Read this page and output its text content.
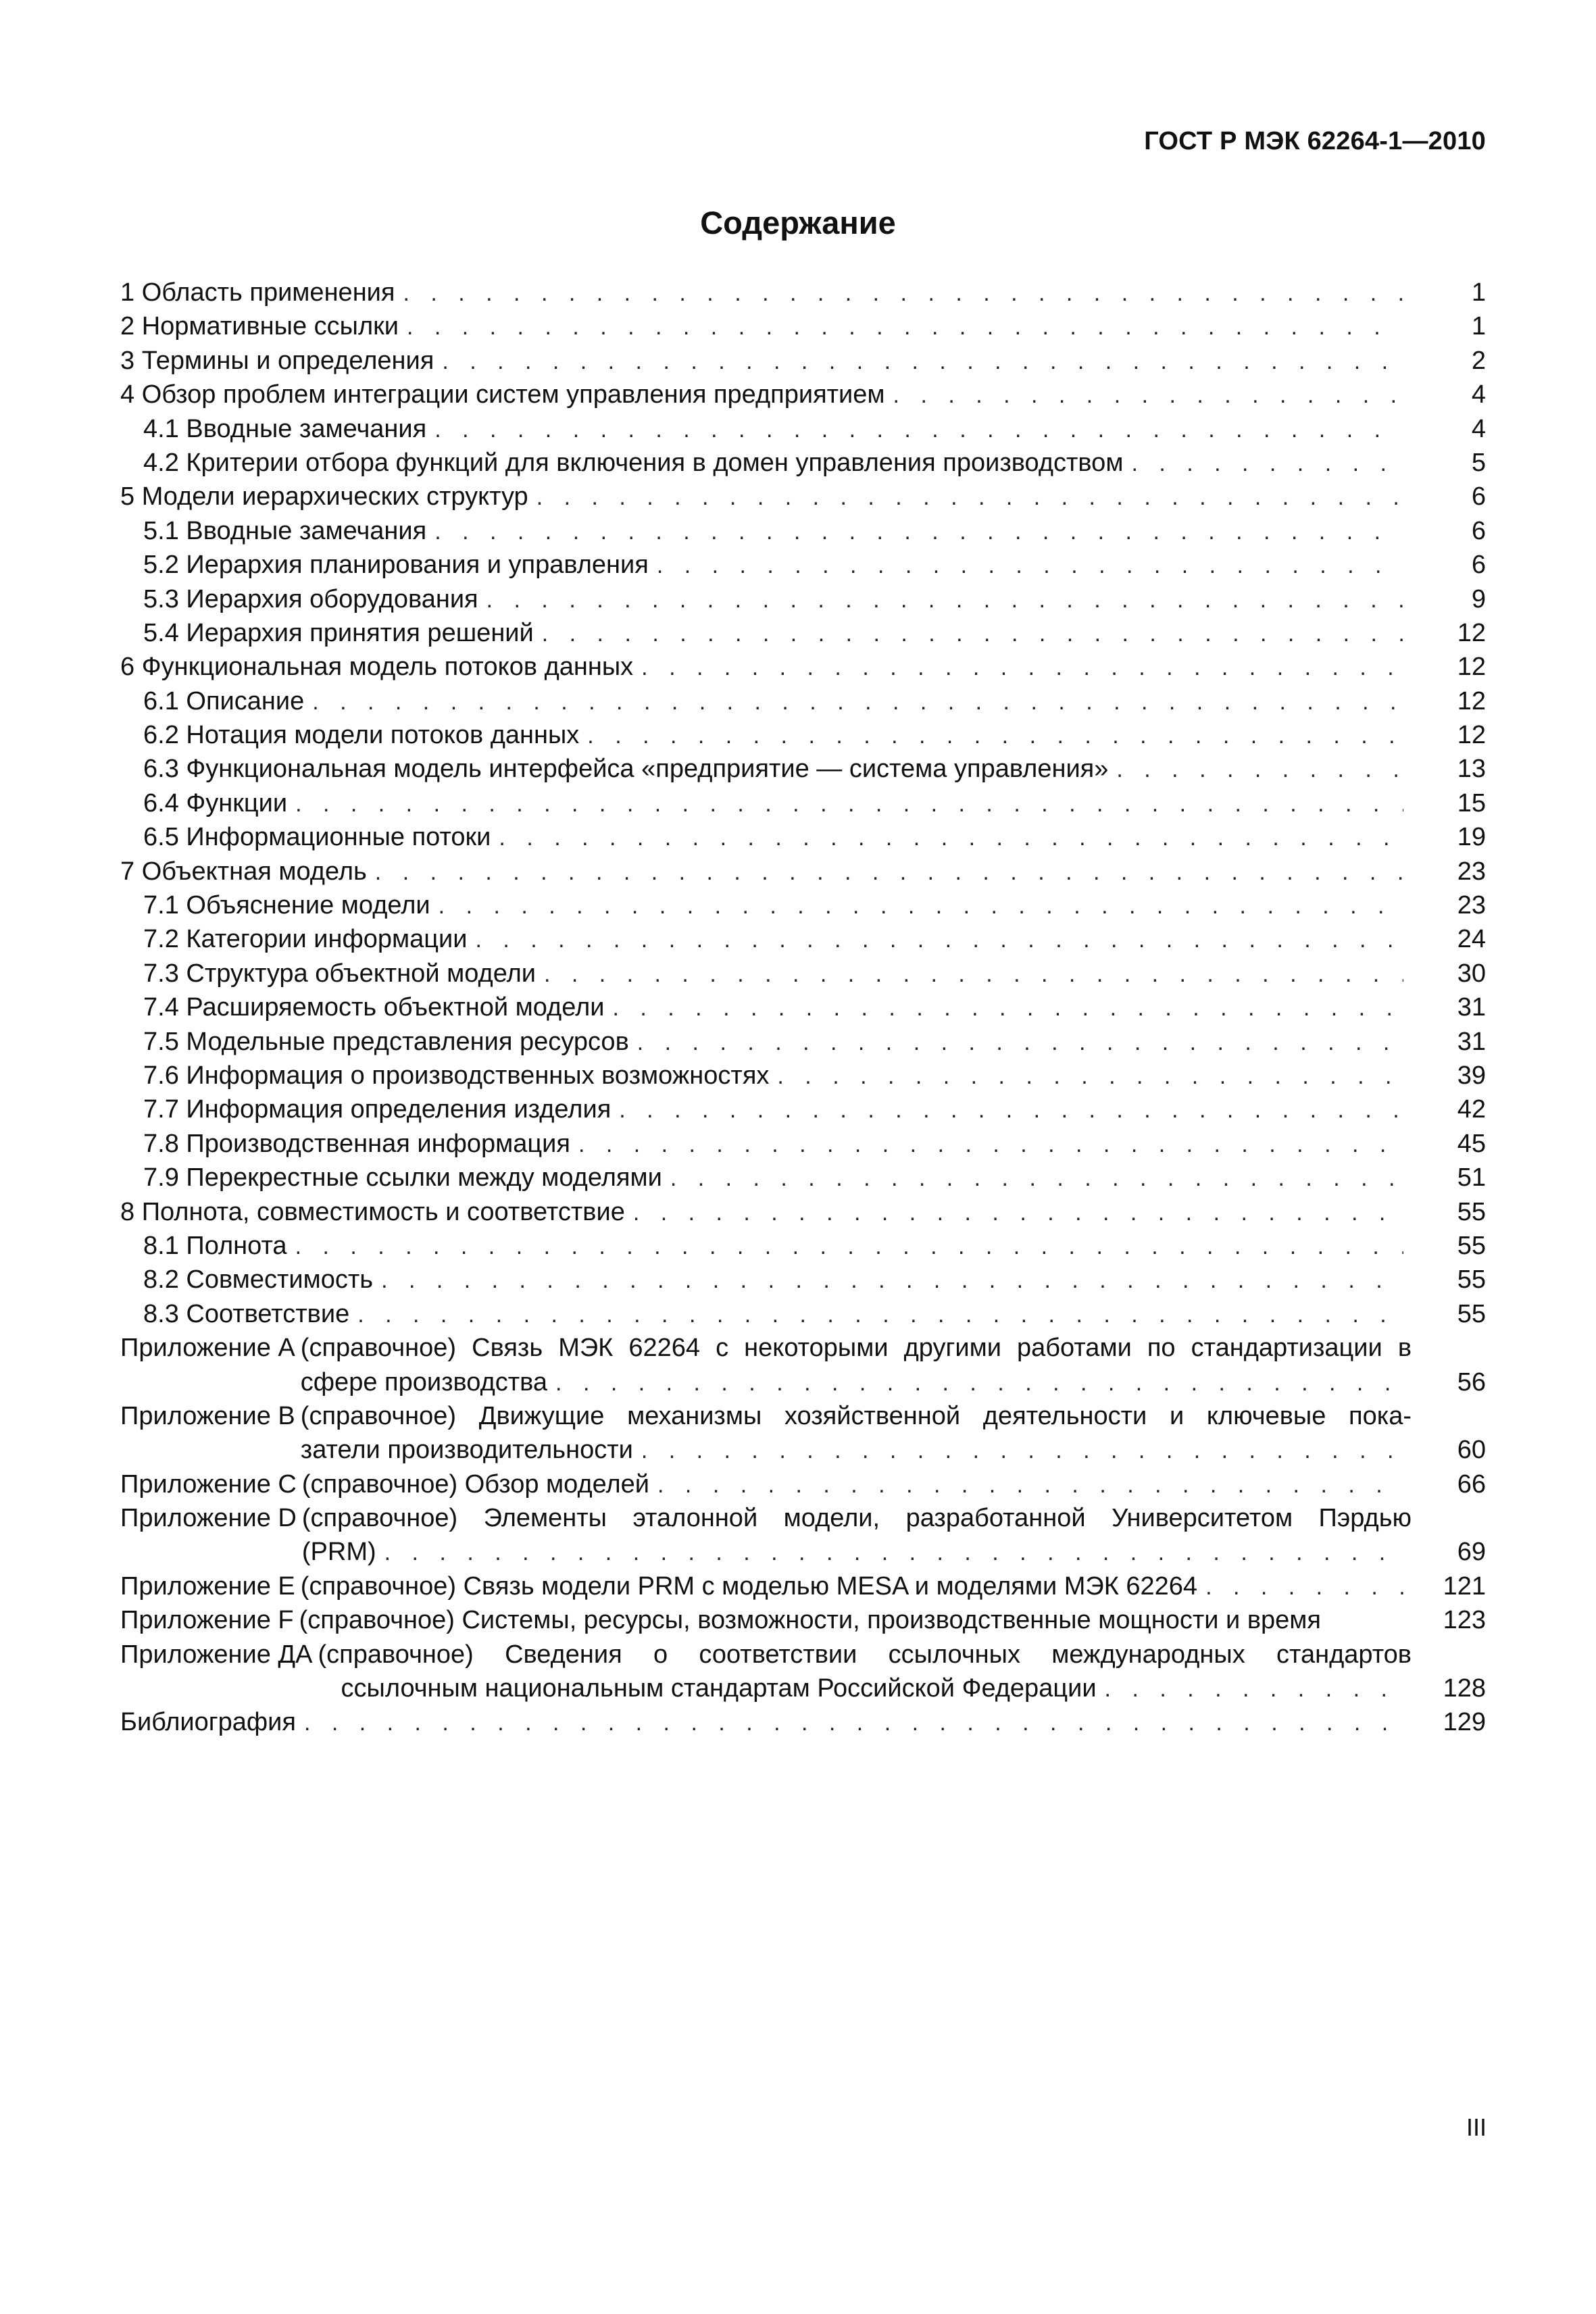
ГОСТ Р МЭК 62264-1—2010
Содержание
1 Область применения . . .	1
2 Нормативные ссылки . . .	1
3 Термины и определения . . .	2
4 Обзор проблем интеграции систем управления предприятием . . .	4
4.1 Вводные замечания . . .	4
4.2 Критерии отбора функций для включения в домен управления производством . . .	5
5 Модели иерархических структур . . .	6
5.1 Вводные замечания . . .	6
5.2 Иерархия планирования и управления . . .	6
5.3 Иерархия оборудования . . .	9
5.4 Иерархия принятия решений . . .	12
6 Функциональная модель потоков данных . . .	12
6.1 Описание . . .	12
6.2 Нотация модели потоков данных . . .	12
6.3 Функциональная модель интерфейса «предприятие — система управления» . . .	13
6.4 Функции . . .	15
6.5 Информационные потоки . . .	19
7 Объектная модель . . .	23
7.1 Объяснение модели . . .	23
7.2 Категории информации . . .	24
7.3 Структура объектной модели . . .	30
7.4 Расширяемость объектной модели . . .	31
7.5 Модельные представления ресурсов . . .	31
7.6 Информация о производственных возможностях . . .	39
7.7 Информация определения изделия . . .	42
7.8 Производственная информация . . .	45
7.9 Перекрестные ссылки между моделями . . .	51
8 Полнота, совместимость и соответствие . . .	55
8.1 Полнота . . .	55
8.2 Совместимость . . .	55
8.3 Соответствие . . .	55
Приложение A (справочное) Связь МЭК 62264 с некоторыми другими работами по стандартизации в
сфере производства . . .	56
Приложение B (справочное) Движущие механизмы хозяйственной деятельности и ключевые пока-
затели производительности . . .	60
Приложение C (справочное) Обзор моделей . . .	66
Приложение D (справочное) Элементы эталонной модели, разработанной Университетом Пэрдью
(PRM) . . .	69
Приложение E (справочное) Связь модели PRM с моделью MESA и моделями МЭК 62264 . . .	121
Приложение F (справочное) Системы, ресурсы, возможности, производственные мощности и время	123
Приложение ДА (справочное) Сведения о соответствии ссылочных международных стандартов
ссылочным национальным стандартам Российской Федерации . . .	128
Библиография . . .	129
III
